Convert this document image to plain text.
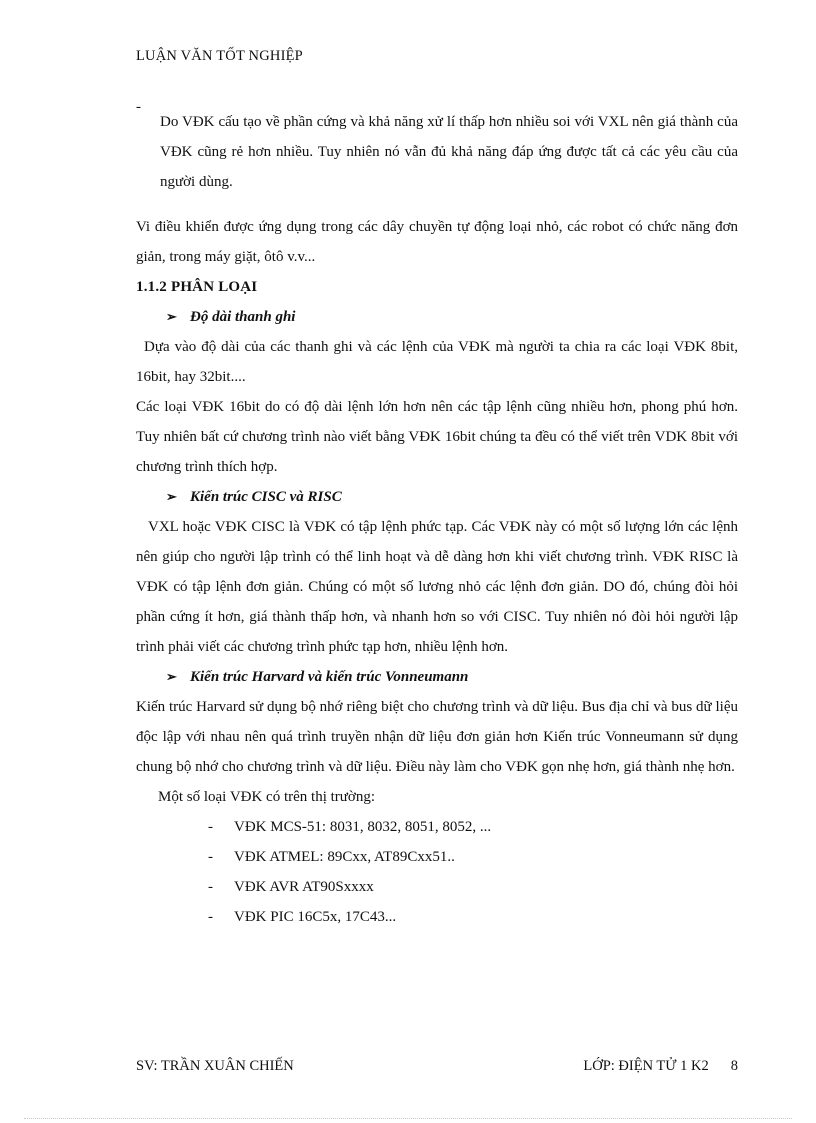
LUẬN VĂN TỐT NGHIỆP
-

Do VĐK cấu tạo về phần cứng và khả năng xử lí thấp hơn nhiều soi với VXL nên giá thành của VĐK cũng rẻ hơn nhiều. Tuy nhiên nó vẫn đủ khả năng đáp ứng được tất cả các yêu cầu của người dùng.

Vi điều khiển được ứng dụng trong các dây chuyền tự động loại nhỏ, các robot có chức năng đơn giản, trong máy giặt, ôtô v.v...

1.1.2 PHÂN LOẠI

➢ Độ dài thanh ghi

Dựa vào độ dài của các thanh ghi và các lệnh của VĐK mà người ta chia ra các loại VĐK 8bit, 16bit, hay 32bit....

Các loại VĐK 16bit do có độ dài lệnh lớn hơn nên các tập lệnh cũng nhiều hơn, phong phú hơn. Tuy nhiên bất cứ chương trình nào viết bằng VĐK 16bit chúng ta đều có thể viết trên VDK 8bit với chương trình thích hợp.

➢ Kiến trúc CISC và RISC

VXL hoặc VĐK CISC là VĐK có tập lệnh phức tạp. Các VĐK này có một số lượng lớn các lệnh nên giúp cho người lập trình có thể linh hoạt và dễ dàng hơn khi viết chương trình. VĐK RISC là VĐK có tập lệnh đơn giản. Chúng có một số lương nhỏ các lệnh đơn giản. DO đó, chúng đòi hỏi phần cứng ít hơn, giá thành thấp hơn, và nhanh hơn so với CISC. Tuy nhiên nó đòi hỏi người lập trình phải viết các chương trình phức tạp hơn, nhiều lệnh hơn.

➢ Kiến trúc Harvard và kiến trúc Vonneumann

Kiến trúc Harvard sử dụng bộ nhớ riêng biệt cho chương trình và dữ liệu. Bus địa chỉ và bus dữ liệu độc lập với nhau nên quá trình truyền nhận dữ liệu đơn giản hơn Kiến trúc Vonneumann sử dụng chung bộ nhớ cho chương trình và dữ liệu. Điều này làm cho VĐK gọn nhẹ hơn, giá thành nhẹ hơn.

Một số loại VĐK có trên thị trường:

-	VĐK MCS-51: 8031, 8032, 8051, 8052, ...
-	VĐK ATMEL: 89Cxx, AT89Cxx51..
-	VĐK AVR AT90Sxxxx
-	VĐK PIC 16C5x, 17C43...
SV: TRẦN XUÂN CHIẾN	LỚP: ĐIỆN TỬ 1 K2 8
